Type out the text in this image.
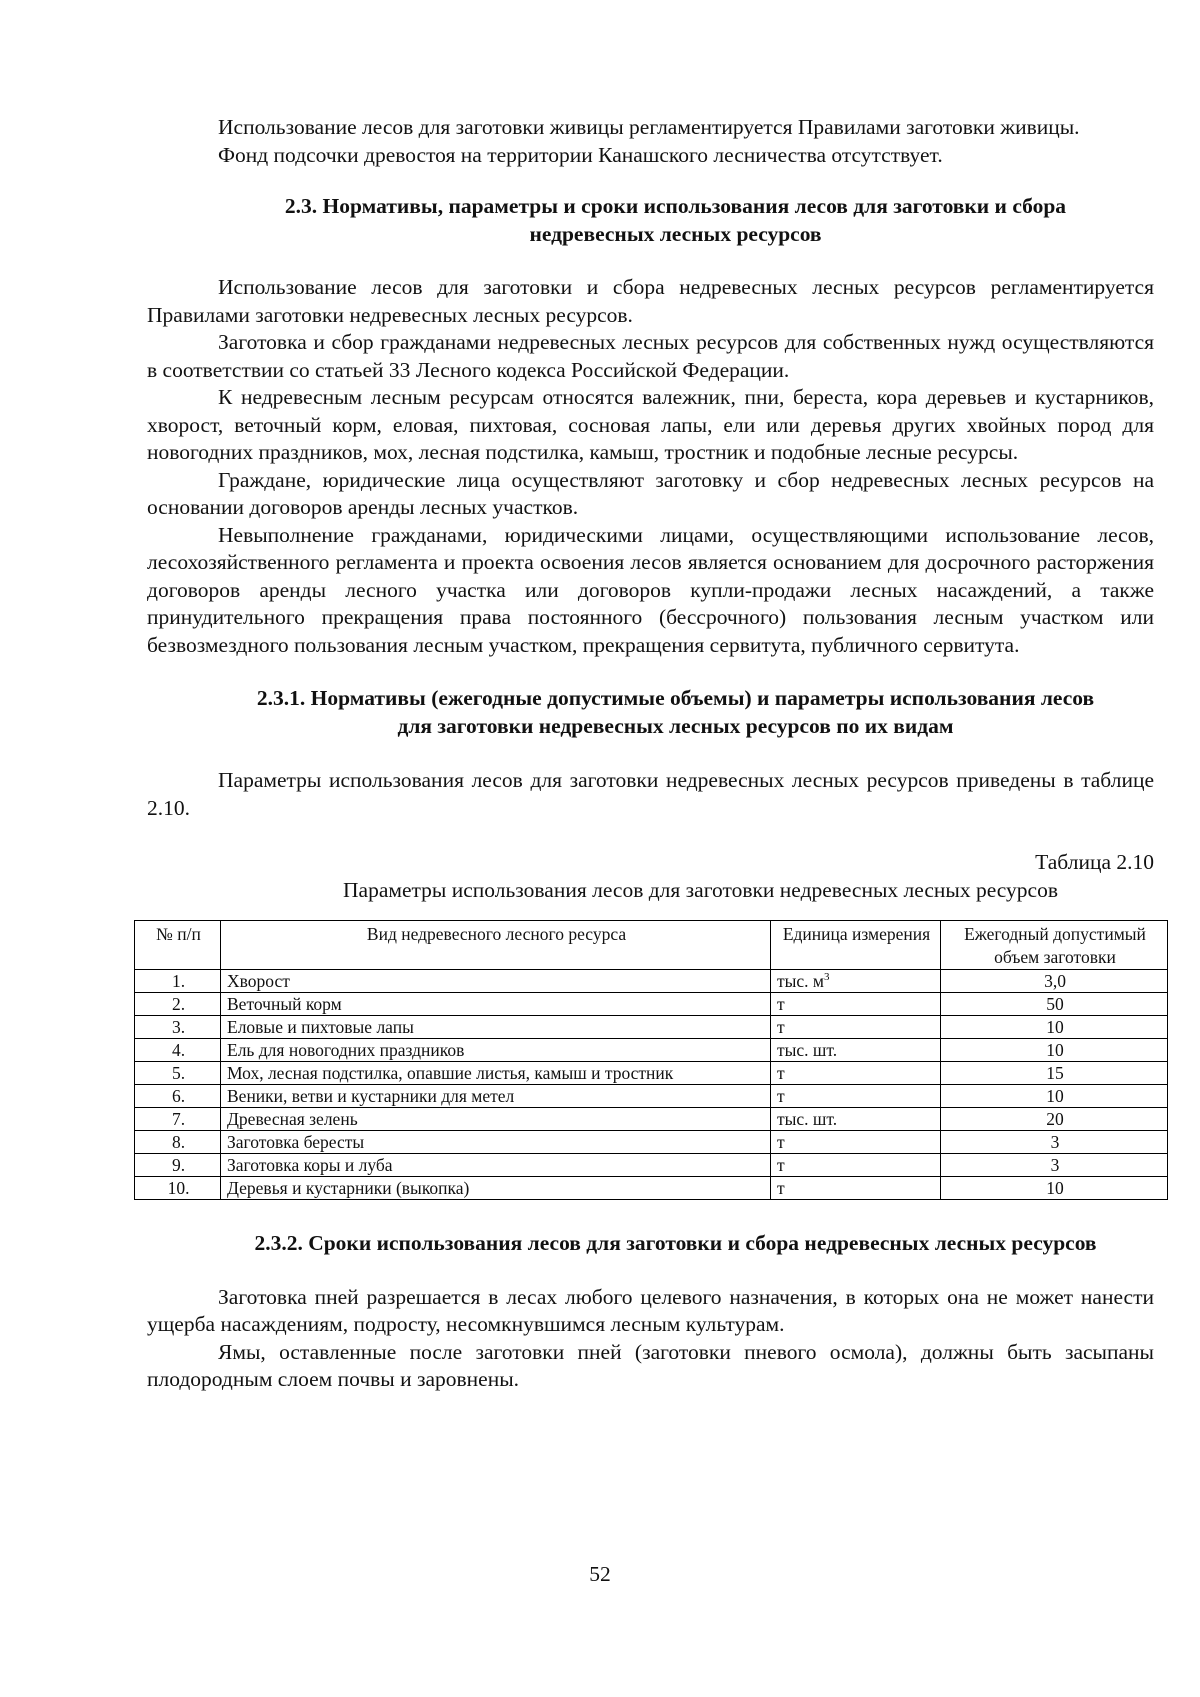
Использование лесов для заготовки живицы регламентируется Правилами заготовки живицы.

Фонд подсочки древостоя на территории Канашского лесничества отсутствует.

2.3. Нормативы, параметры и сроки использования лесов для заготовки и сбора недревесных лесных ресурсов

Использование лесов для заготовки и сбора недревесных лесных ресурсов регламентируется Правилами заготовки недревесных лесных ресурсов.

Заготовка и сбор гражданами недревесных лесных ресурсов для собственных нужд осуществляются в соответствии со статьей 33 Лесного кодекса Российской Федерации.

К недревесным лесным ресурсам относятся валежник, пни, береста, кора деревьев и кустарников, хворост, веточный корм, еловая, пихтовая, сосновая лапы, ели или деревья других хвойных пород для новогодних праздников, мох, лесная подстилка, камыш, тростник и подобные лесные ресурсы.

Граждане, юридические лица осуществляют заготовку и сбор недревесных лесных ресурсов на основании договоров аренды лесных участков.

Невыполнение гражданами, юридическими лицами, осуществляющими использование лесов, лесохозяйственного регламента и проекта освоения лесов является основанием для досрочного расторжения договоров аренды лесного участка или договоров купли-продажи лесных насаждений, а также принудительного прекращения права постоянного (бессрочного) пользования лесным участком или безвозмездного пользования лесным участком, прекращения сервитута, публичного сервитута.

2.3.1. Нормативы (ежегодные допустимые объемы) и параметры использования лесов для заготовки недревесных лесных ресурсов по их видам

Параметры использования лесов для заготовки недревесных лесных ресурсов приведены в таблице 2.10.

Таблица 2.10
Параметры использования лесов для заготовки недревесных лесных ресурсов
№ п/п	Вид недревесного лесного ресурса	Единица измерения	Ежегодный допустимый объем заготовки
1.	Хворост	тыс. $м^3$	3,0
2.	Веточный корм	т	50
3.	Еловые и пихтовые лапы	т	10
4.	Ель для новогодних праздников	тыс. шт.	10
5.	Мох, лесная подстилка, опавшие листья, камыш и тростник	т	15
6.	Веники, ветви и кустарники для метел	т	10
7.	Древесная зелень	тыс. шт.	20
8.	Заготовка бересты	т	3
9.	Заготовка коры и луба	т	3
10.	Деревья и кустарники (выкопка)	т	10
2.3.2. Сроки использования лесов для заготовки и сбора недревесных лесных ресурсов

Заготовка пней разрешается в лесах любого целевого назначения, в которых она не может нанести ущерба насаждениям, подросту, несомкнувшимся лесным культурам.

Ямы, оставленные после заготовки пней (заготовки пневого осмола), должны быть засыпаны плодородным слоем почвы и заровнены.

52
